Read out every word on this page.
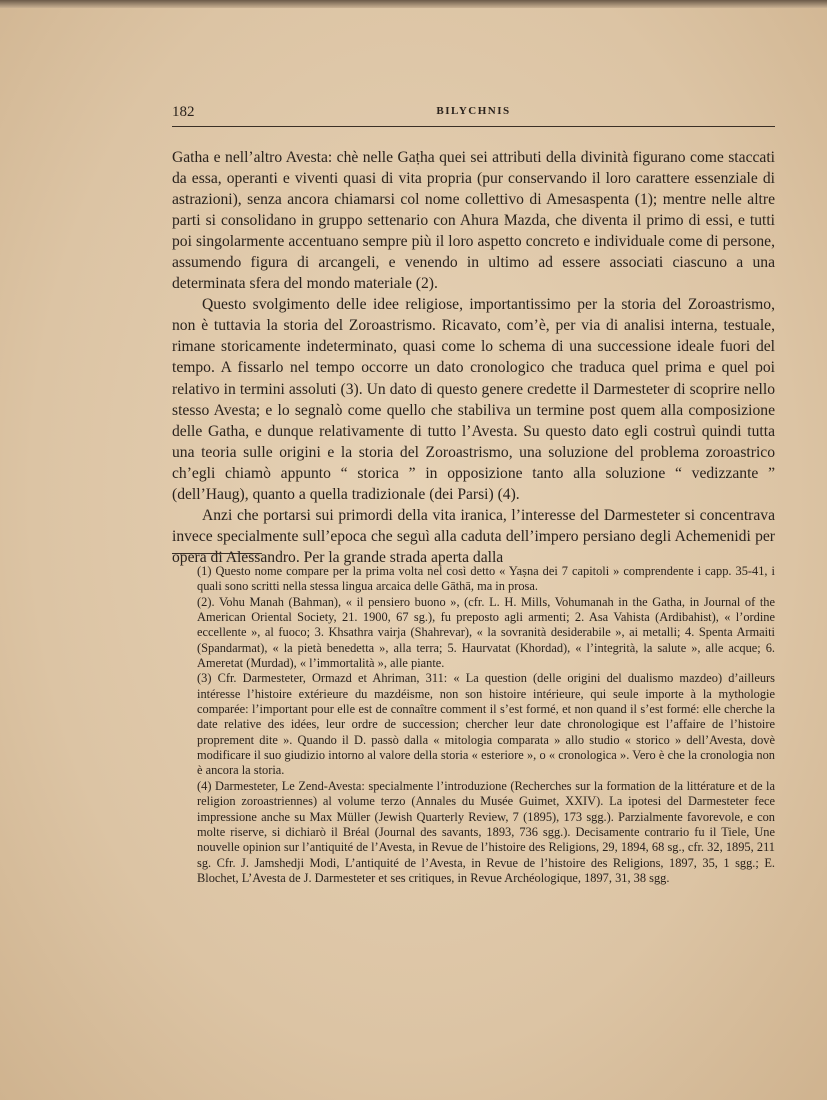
182	BILYCHNIS

Gatha e nell’altro Avesta: chè nelle Gaṭha quei sei attributi della divinità figurano come staccati da essa, operanti e viventi quasi di vita propria (pur conservando il loro carattere essenziale di astrazioni), senza ancora chiamarsi col nome collettivo di Amesaspenta (1); mentre nelle altre parti si consolidano in gruppo settenario con Ahura Mazda, che diventa il primo di essi, e tutti poi singolarmente accentuano sempre più il loro aspetto concreto e individuale come di persone, assumendo figura di arcangeli, e venendo in ultimo ad essere associati ciascuno a una determinata sfera del mondo materiale (2).

Questo svolgimento delle idee religiose, importantissimo per la storia del Zoroastrismo, non è tuttavia la storia del Zoroastrismo. Ricavato, com’è, per via di analisi interna, testuale, rimane storicamente indeterminato, quasi come lo schema di una successione ideale fuori del tempo. A fissarlo nel tempo occorre un dato cronologico che traduca quel prima e quel poi relativo in termini assoluti (3). Un dato di questo genere credette il Darmesteter di scoprire nello stesso Avesta; e lo segnalò come quello che stabiliva un termine post quem alla composizione delle Gatha, e dunque relativamente di tutto l’Avesta. Su questo dato egli costruì quindi tutta una teoria sulle origini e la storia del Zoroastrismo, una soluzione del problema zoroastrico ch’egli chiamò appunto “ storica ” in opposizione tanto alla soluzione “ vedizzante ” (dell’Haug), quanto a quella tradizionale (dei Parsi) (4).

Anzi che portarsi sui primordi della vita iranica, l’interesse del Darmesteter si concentrava invece specialmente sull’epoca che seguì alla caduta dell’impero persiano degli Achemenidi per opera di Alessandro. Per la grande strada aperta dalla

(1) Questo nome compare per la prima volta nel così detto « Yaṣna dei 7 capitoli » comprendente i capp. 35-41, i quali sono scritti nella stessa lingua arcaica delle Gāthā, ma in prosa.

(2). Vohu Manah (Bahman), « il pensiero buono », (cfr. L. H. Mills, Vohumanah in the Gatha, in Journal of the American Oriental Society, 21. 1900, 67 sg.), fu preposto agli armenti; 2. Asa Vahista (Ardibahist), « l’ordine eccellente », al fuoco; 3. Khsathra vairja (Shahrevar), « la sovranità desiderabile », ai metalli; 4. Spenta Armaiti (Spandarmat), « la pietà benedetta », alla terra; 5. Haurvatat (Khordad), « l’integrità, la salute », alle acque; 6. Ameretat (Murdad), « l’immortalità », alle piante.

(3) Cfr. Darmesteter, Ormazd et Ahriman, 311: « La question (delle origini del dualismo mazdeo) d’ailleurs intéresse l’histoire extérieure du mazdéisme, non son histoire intérieure, qui seule importe à la mythologie comparée: l’important pour elle est de connaître comment il s’est formé, et non quand il s’est formé: elle cherche la date relative des idées, leur ordre de succession; chercher leur date chronologique est l’affaire de l’histoire proprement dite ». Quando il D. passò dalla « mitologia comparata » allo studio « storico » dell’Avesta, dovè modificare il suo giudizio intorno al valore della storia « esteriore », o « cronologica ». Vero è che la cronologia non è ancora la storia.

(4) Darmesteter, Le Zend-Avesta: specialmente l’introduzione (Recherches sur la formation de la littérature et de la religion zoroastriennes) al volume terzo (Annales du Musée Guimet, XXIV). La ipotesi del Darmesteter fece impressione anche su Max Müller (Jewish Quarterly Review, 7 (1895), 173 sgg.). Parzialmente favorevole, e con molte riserve, si dichiarò il Bréal (Journal des savants, 1893, 736 sgg.). Decisamente contrario fu il Tiele, Une nouvelle opinion sur l’antiquité de l’Avesta, in Revue de l’histoire des Religions, 29, 1894, 68 sg., cfr. 32, 1895, 211 sg. Cfr. J. Jamshedji Modi, L’antiquité de l’Avesta, in Revue de l’histoire des Religions, 1897, 35, 1 sgg.; E. Blochet, L’Avesta de J. Darmesteter et ses critiques, in Revue Archéologique, 1897, 31, 38 sgg.
